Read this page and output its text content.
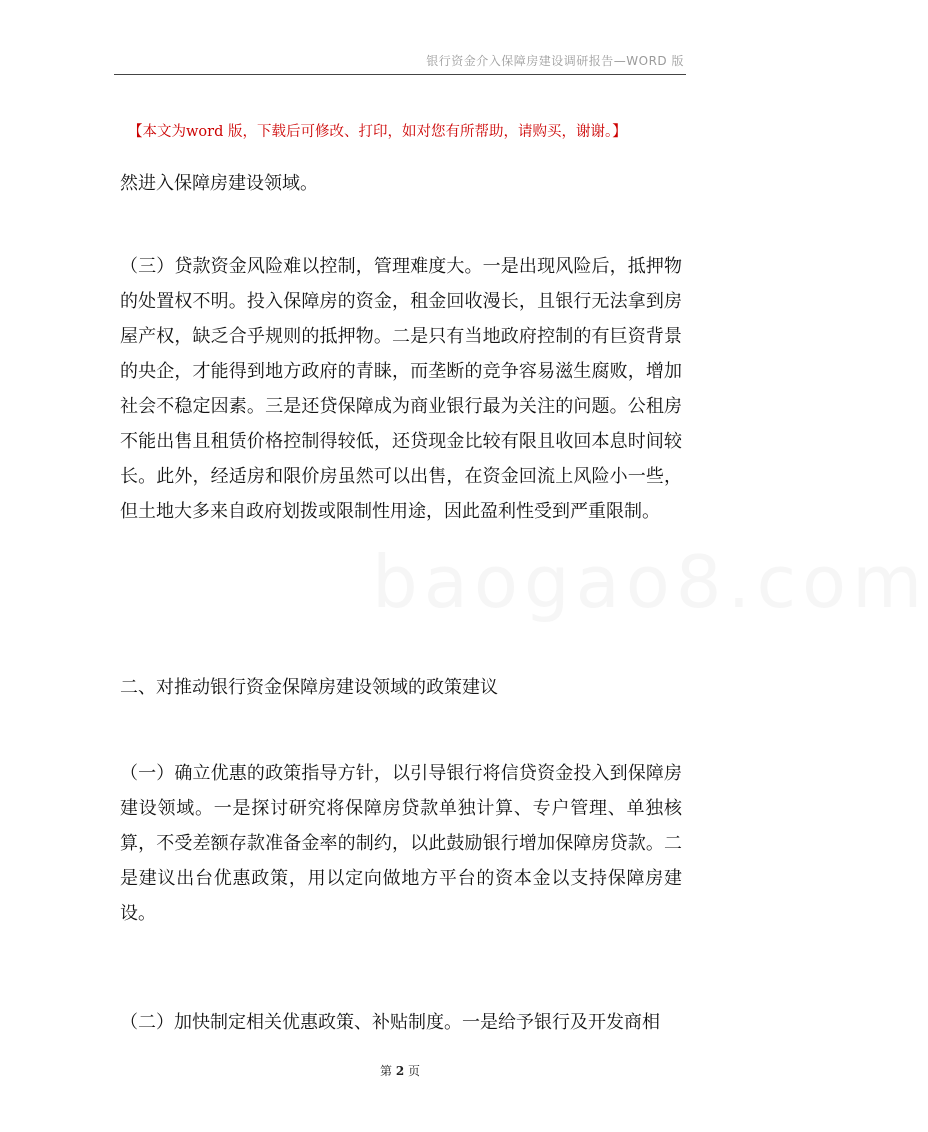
银行资金介入保障房建设调研报告—WORD 版
【本文为word 版，下载后可修改、打印，如对您有所帮助，请购买，谢谢。】
baogao8.com

然进入保障房建设领域。

（三）贷款资金风险难以控制，管理难度大。一是出现风险后，抵押物的处置权不明。投入保障房的资金，租金回收漫长，且银行无法拿到房屋产权，缺乏合乎规则的抵押物。二是只有当地政府控制的有巨资背景的央企，才能得到地方政府的青睐，而垄断的竞争容易滋生腐败，增加社会不稳定因素。三是还贷保障成为商业银行最为关注的问题。公租房不能出售且租赁价格控制得较低，还贷现金比较有限且收回本息时间较长。此外，经适房和限价房虽然可以出售，在资金回流上风险小一些，但土地大多来自政府划拨或限制性用途，因此盈利性受到严重限制。

二、对推动银行资金保障房建设领域的政策建议

（一）确立优惠的政策指导方针，以引导银行将信贷资金投入到保障房建设领域。一是探讨研究将保障房贷款单独计算、专户管理、单独核算，不受差额存款准备金率的制约，以此鼓励银行增加保障房贷款。二是建议出台优惠政策，用以定向做地方平台的资本金以支持保障房建设。

（二）加快制定相关优惠政策、补贴制度。一是给予银行及开发商相

第 2 页
